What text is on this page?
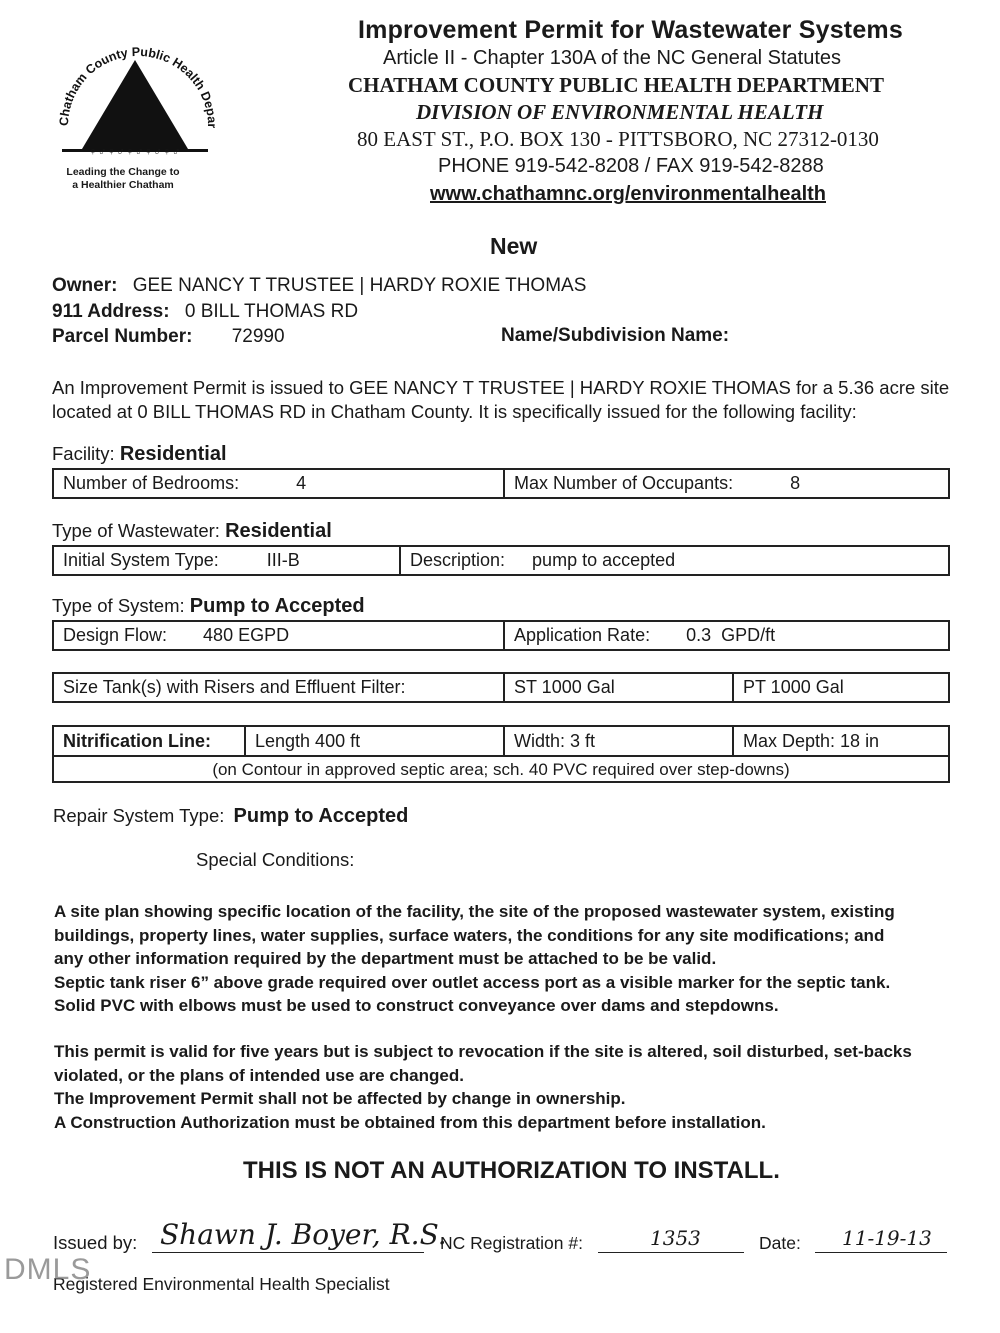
Chatham County Public Health Depar
♀♂♀♂♀♂♀♂♀♂
Leading the Change to
a Healthier Chatham
Improvement Permit for Wastewater Systems
Article II - Chapter 130A of the NC General Statutes
CHATHAM COUNTY PUBLIC HEALTH DEPARTMENT
DIVISION OF ENVIRONMENTAL HEALTH
80 EAST ST., P.O. BOX 130 - PITTSBORO, NC 27312-0130
PHONE 919-542-8208 / FAX 919-542-8288
www.chathamnc.org/environmentalhealth
New
Owner: GEE NANCY T TRUSTEE | HARDY ROXIE THOMAS
911 Address: 0 BILL THOMAS RD
Parcel Number: 72990	Name/Subdivision Name:
An Improvement Permit is issued to GEE NANCY T TRUSTEE | HARDY ROXIE THOMAS for a 5.36 acre site
located at 0 BILL THOMAS RD in Chatham County. It is specifically issued for the following facility:
Facility: Residential
Number of Bedrooms:	4	Max Number of Occupants:	8
Type of Wastewater: Residential
Initial System Type:	III-B	Description: pump to accepted
Type of System: Pump to Accepted
Design Flow: 480 EGPD	Application Rate: 0.3  GPD/ft
Size Tank(s) with Risers and Effluent Filter:	ST 1000 Gal	PT 1000 Gal
Nitrification Line:	Length 400 ft	Width: 3 ft	Max Depth: 18 in
(on Contour in approved septic area; sch. 40 PVC required over step-downs)
Repair System Type: Pump to Accepted
Special Conditions:
A site plan showing specific location of the facility, the site of the proposed wastewater system, existing
buildings, property lines, water supplies, surface waters, the conditions for any site modifications; and
any other information required by the department must be attached to be be valid.
Septic tank riser 6” above grade required over outlet access port as a visible marker for the septic tank.
Solid PVC with elbows must be used to construct conveyance over dams and stepdowns.
This permit is valid for five years but is subject to revocation if the site is altered, soil disturbed, set-backs
violated, or the plans of intended use are changed.
The Improvement Permit shall not be affected by change in ownership.
A Construction Authorization must be obtained from this department before installation.
THIS IS NOT AN AUTHORIZATION TO INSTALL.
Issued by: Shawn J. Boyer, R.S.
NC Registration #:	1353	Date: 11-19-13
Registered Environmental Health Specialist
DMLS
